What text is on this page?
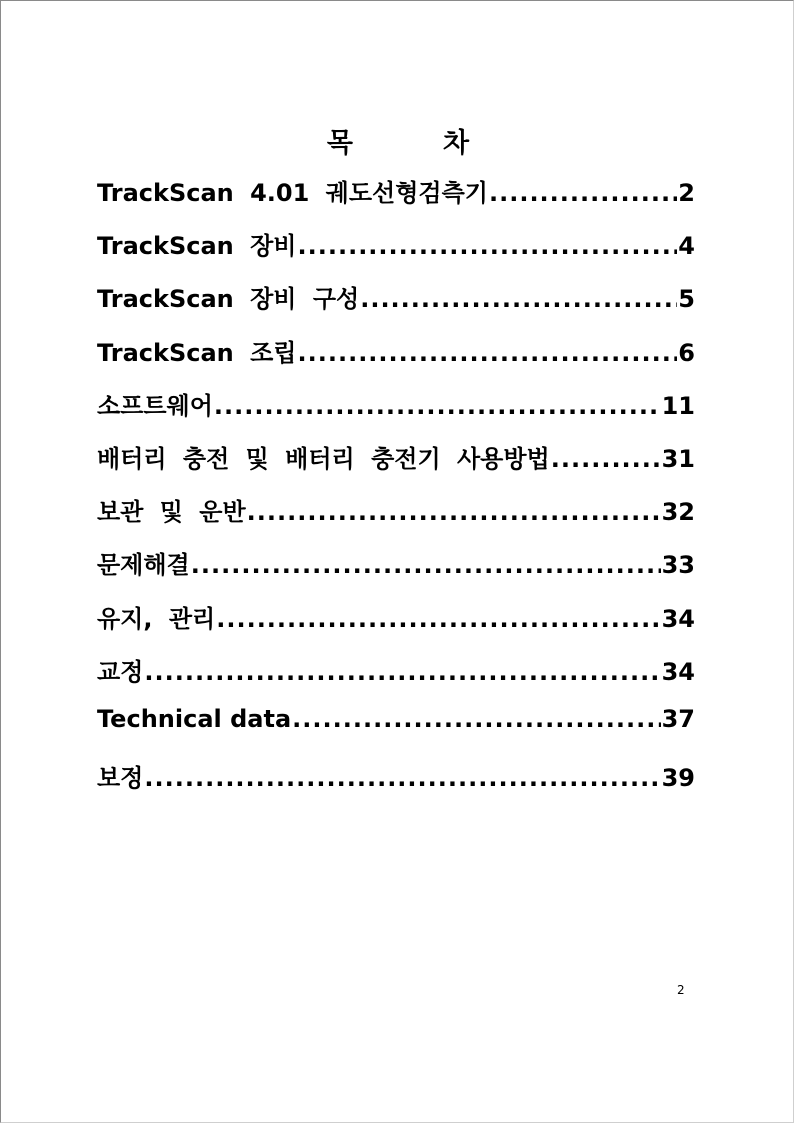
목	차
TrackScan 4.01 궤도선형검측기 .....	2
TrackScan 장비 .....	4
TrackScan 장비 구성 .....	5
TrackScan 조립 .....	6
소프트웨어 .....	11
배터리 충전 및 배터리 충전기 사용방법 .....	31
보관 및 운반 .....	32
문제해결 .....	33
유지, 관리 .....	34
교정 .....	34
Technical data .....	37
보정 .....	39
2
